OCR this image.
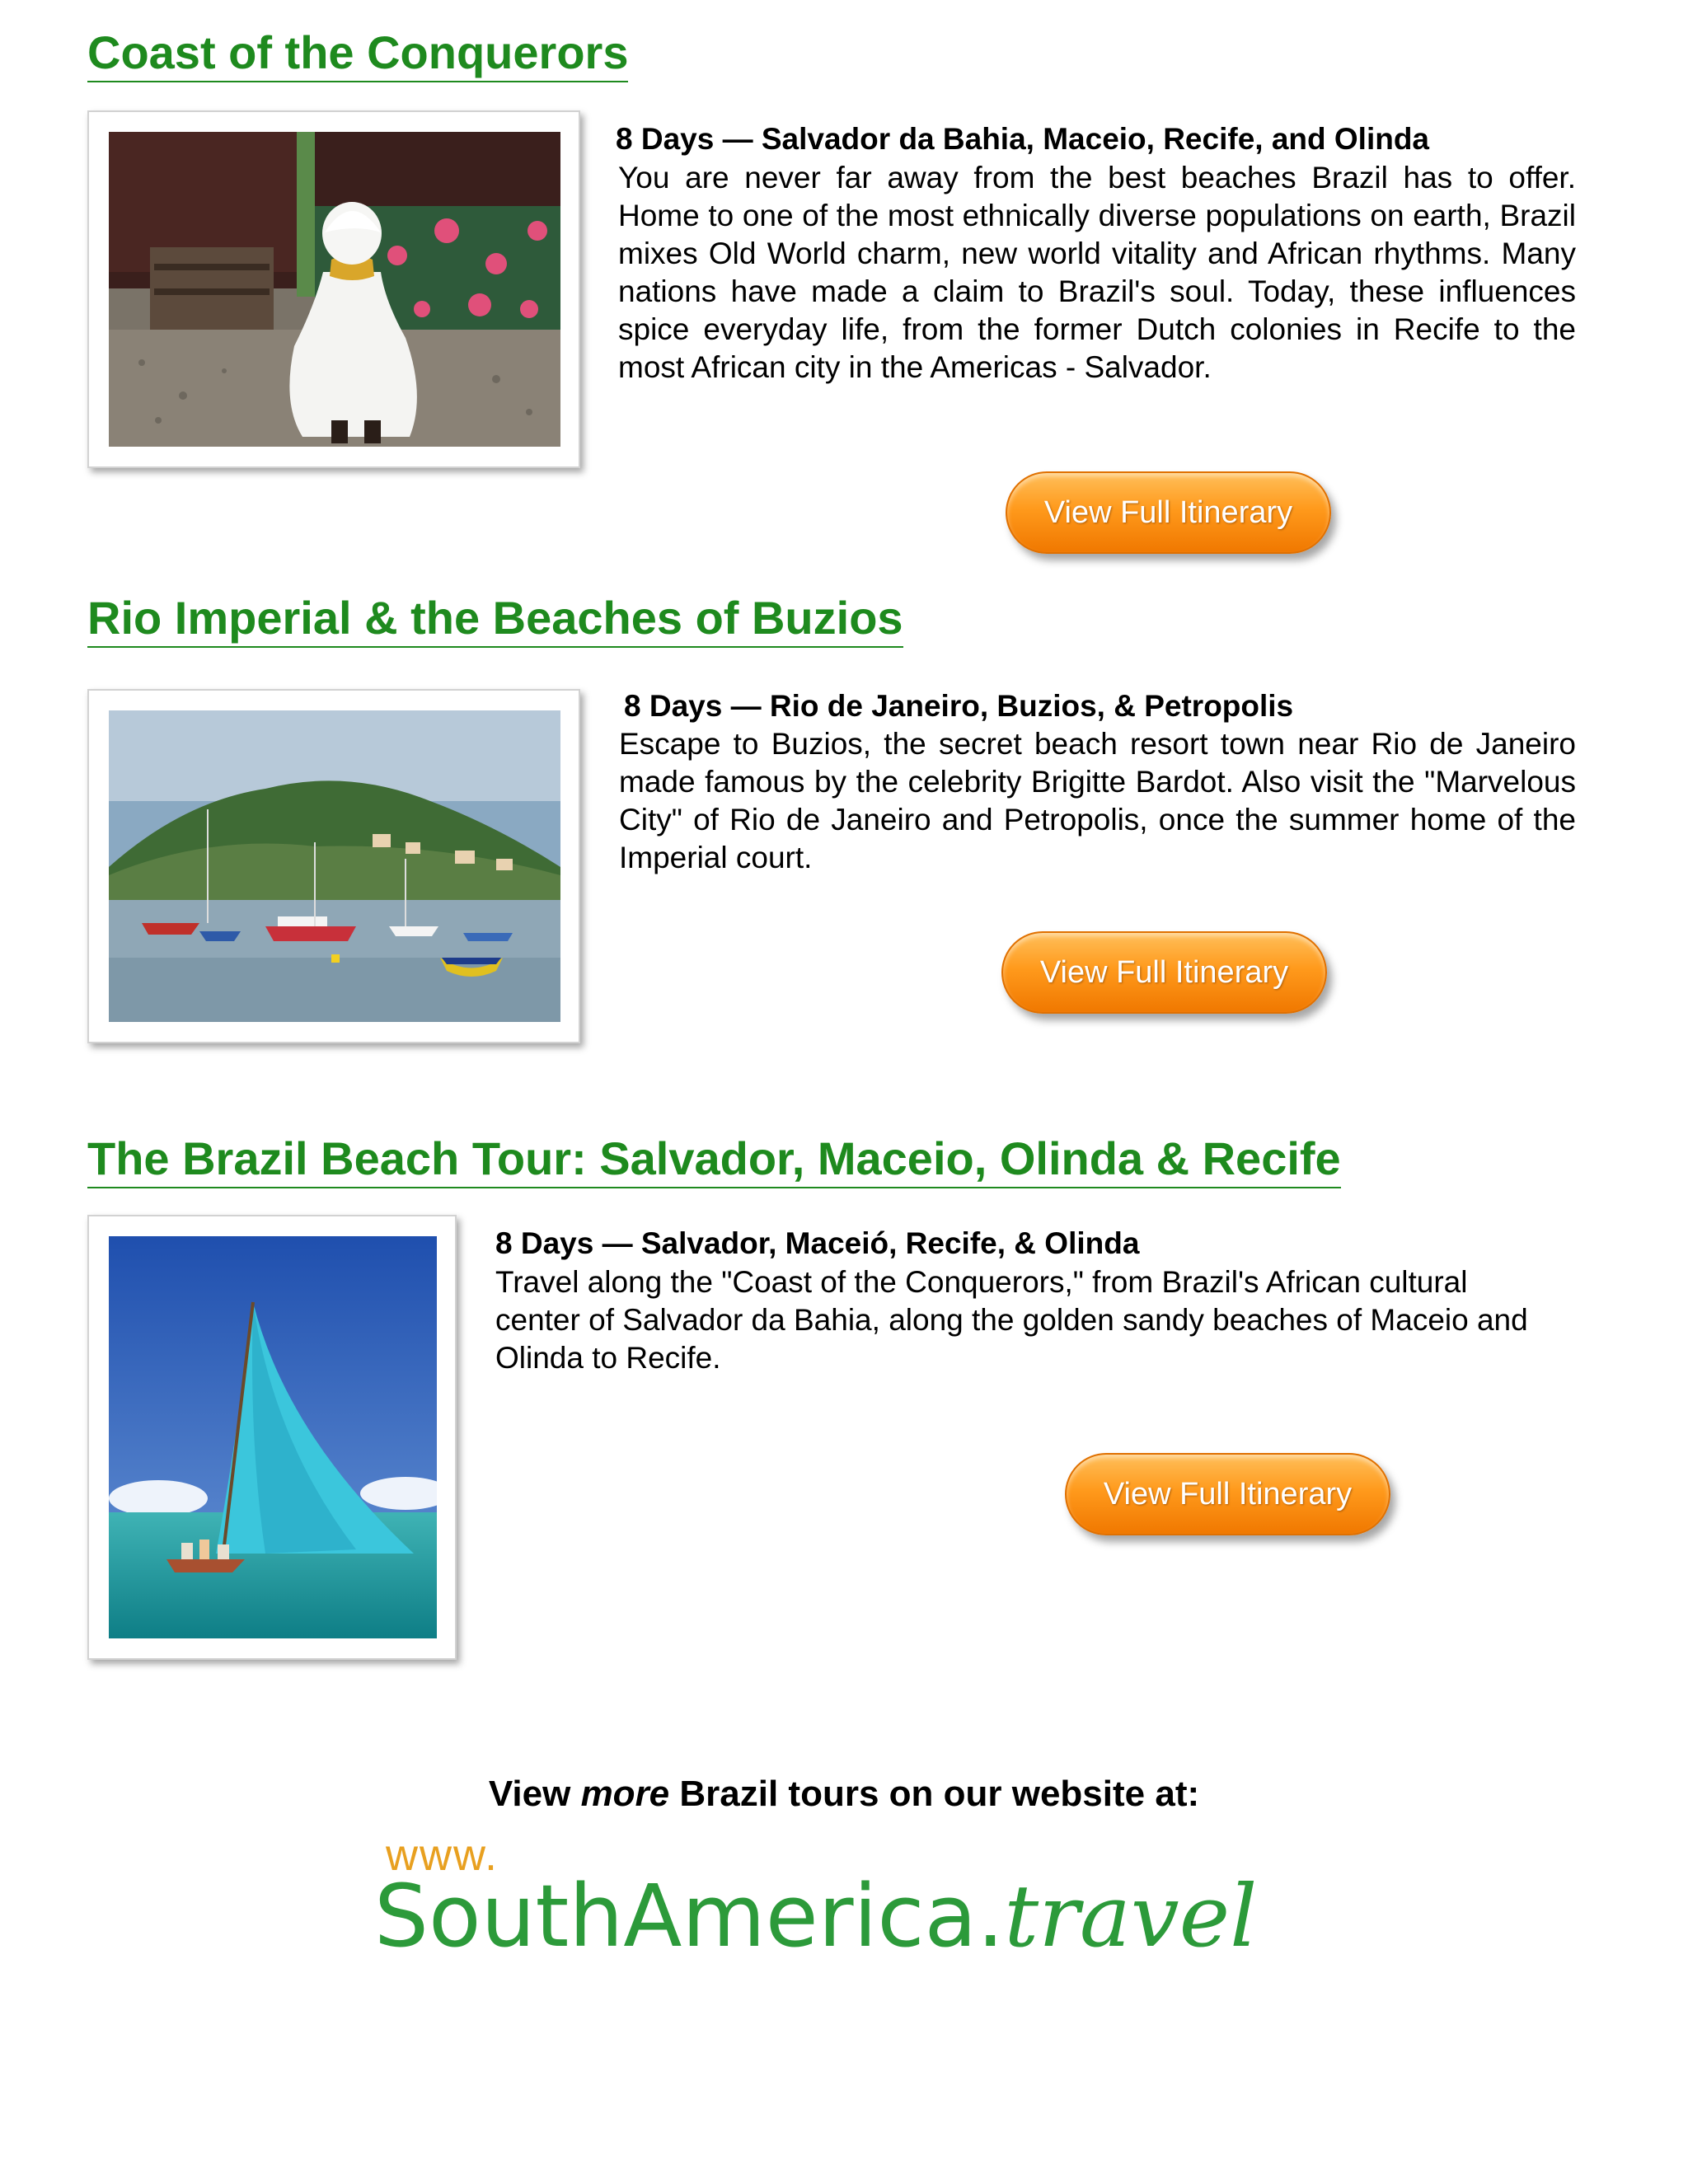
Coast of the Conquerors
8 Days — Salvador da Bahia, Maceio, Recife, and Olinda

You are never far away from the best beaches Brazil has to offer. Home to one of the most ethnically diverse populations on earth, Brazil mixes Old World charm, new world vitality and African rhythms. Many nations have made a claim to Brazil's soul. Today, these influences spice everyday life, from the former Dutch colonies in Recife to the most African city in the Americas - Salvador.

View Full Itinerary
Rio Imperial & the Beaches of Buzios
8 Days — Rio de Janeiro, Buzios, & Petropolis

Escape to Buzios, the secret beach resort town near Rio de Janeiro made famous by the celebrity Brigitte Bardot. Also visit the "Marvelous City" of Rio de Janeiro and Petropolis, once the summer home of the Imperial court.

View Full Itinerary
The Brazil Beach Tour: Salvador, Maceio, Olinda & Recife
8 Days — Salvador, Maceió, Recife, & Olinda

Travel along the "Coast of the Conquerors," from Brazil's African cultural center of Salvador da Bahia, along the golden sandy beaches of Maceio and Olinda to Recife.

View Full Itinerary
View more Brazil tours on our website at:
www.
SouthAmerica.travel
